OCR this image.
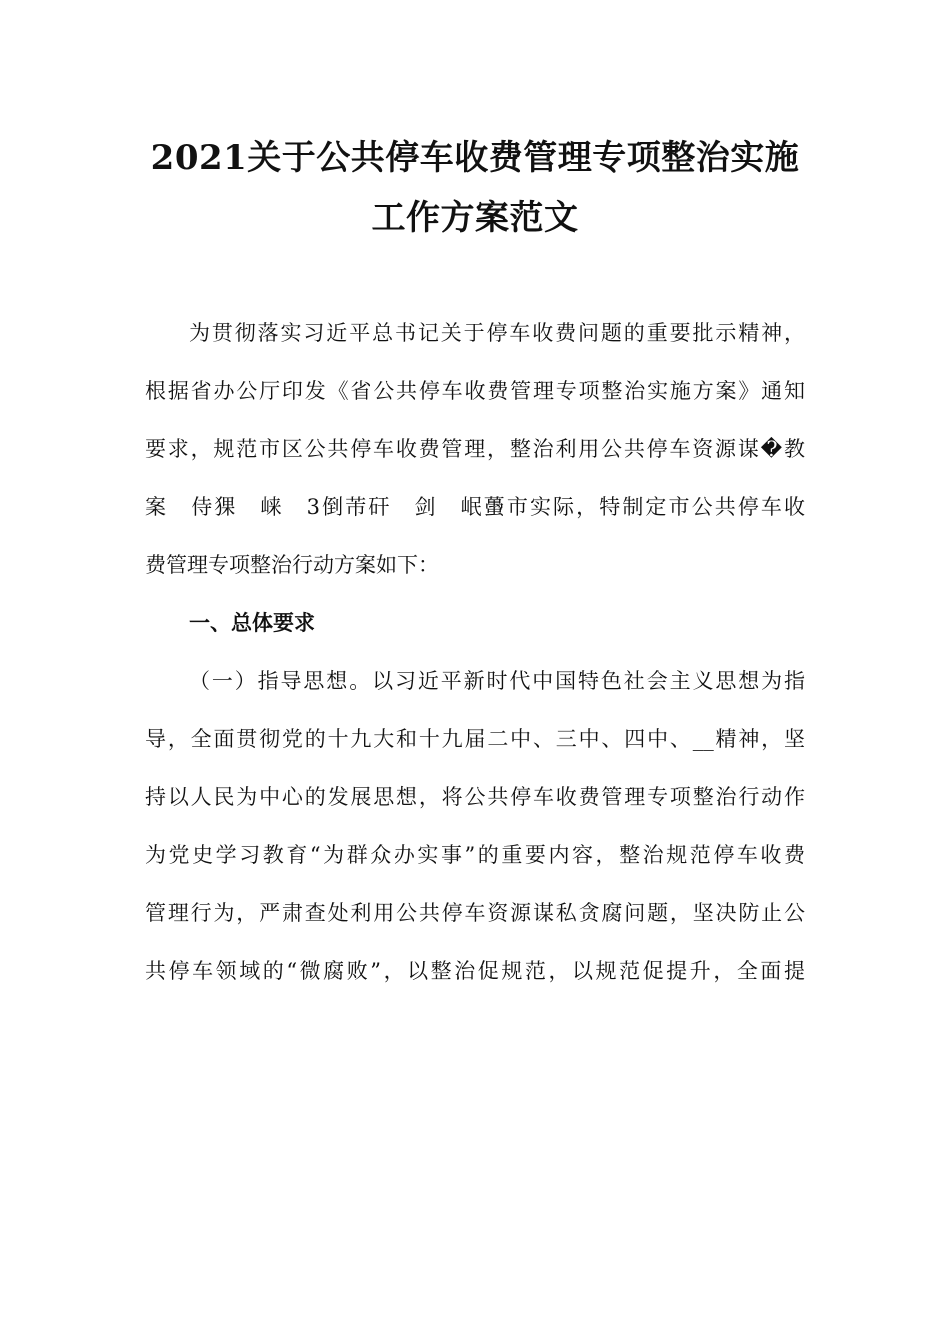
2021关于公共停车收费管理专项整治实施
工作方案范文
为贯彻落实习近平总书记关于停车收费问题的重要批示精神，
根据省办公厅印发《省公共停车收费管理专项整治实施方案》通知
要求，规范市区公共停车收费管理，整治利用公共停车资源谋�教
案　侍猓　崃　3倒芾矸　剑　岷蠆市实际，特制定市公共停车收
费管理专项整治行动方案如下：
一、总体要求
（一）指导思想。以习近平新时代中国特色社会主义思想为指
导，全面贯彻党的十九大和十九届二中、三中、四中、__精神，坚
持以人民为中心的发展思想，将公共停车收费管理专项整治行动作
为党史学习教育“为群众办实事”的重要内容，整治规范停车收费
管理行为，严肃查处利用公共停车资源谋私贪腐问题，坚决防止公
共停车领域的“微腐败”，以整治促规范，以规范促提升，全面提
